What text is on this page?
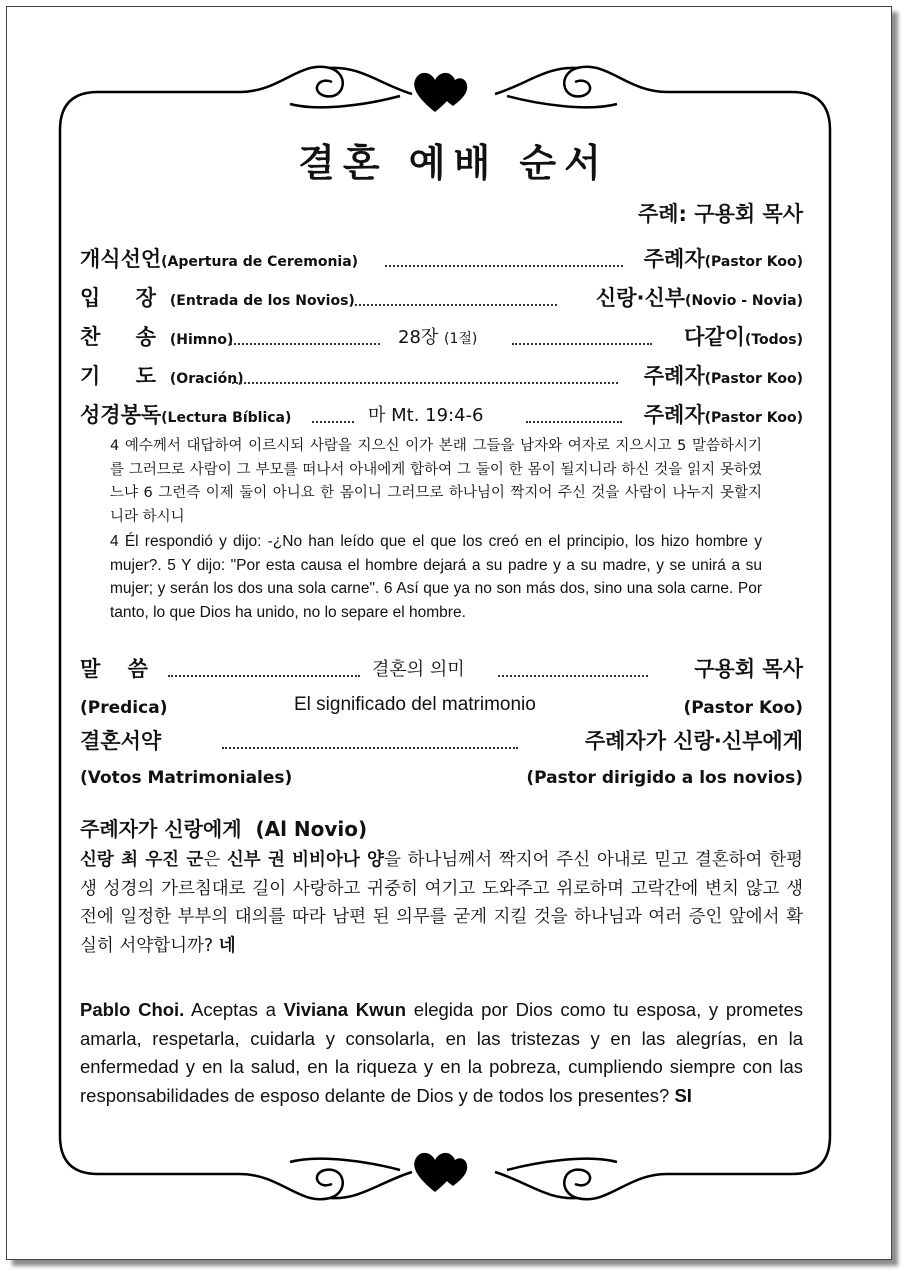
결혼 예배 순서
주례: 구용회 목사
개식선언(Apertura de Ceremonia)	주례자(Pastor Koo)
입 장(Entrada de los Novios)	신랑·신부(Novio - Novia)
찬 송(Himno)	28장 (1절)	다같이(Todos)
기 도(Oración)	주례자(Pastor Koo)
성경봉독(Lectura Bíblica)	마 Mt. 19:4-6	주례자(Pastor Koo)
4 예수께서 대답하여 이르시되 사람을 지으신 이가 본래 그들을 남자와 여자로 지으시고 5 말씀하시기를 그러므로 사람이 그 부모를 떠나서 아내에게 합하여 그 둘이 한 몸이 될지니라 하신 것을 읽지 못하였느냐 6 그런즉 이제 둘이 아니요 한 몸이니 그러므로 하나님이 짝지어 주신 것을 사람이 나누지 못할지니라 하시니
4 Él respondió y dijo: -¿No han leído que el que los creó en el principio, los hizo hombre y mujer?. 5 Y dijo: "Por esta causa el hombre dejará a su padre y a su madre, y se unirá a su mujer; y serán los dos una sola carne". 6 Así que ya no son más dos, sino una sola carne. Por tanto, lo que Dios ha unido, no lo separe el hombre.
말 씀	결혼의 의미	구용회 목사
(Predica)	El significado del matrimonio	(Pastor Koo)
결혼서약	주례자가 신랑·신부에게
(Votos Matrimoniales)	(Pastor dirigido a los novios)
주례자가 신랑에게  (Al Novio)
신랑 최 우진 군은 신부 권 비비아나 양을 하나님께서 짝지어 주신 아내로 믿고 결혼하여 한평생 성경의 가르침대로 길이 사랑하고 귀중히 여기고 도와주고 위로하며 고락간에 변치 않고 생전에 일정한 부부의 대의를 따라 남편 된 의무를 굳게 지킬 것을 하나님과 여러 증인 앞에서 확실히 서약합니까? 네
Pablo Choi. Aceptas a Viviana Kwun elegida por Dios como tu esposa, y prometes amarla, respetarla, cuidarla y consolarla, en las tristezas y en las alegrías, en la enfermedad y en la salud, en la riqueza y en la pobreza, cumpliendo siempre con las responsabilidades de esposo delante de Dios y de todos los presentes? SI
